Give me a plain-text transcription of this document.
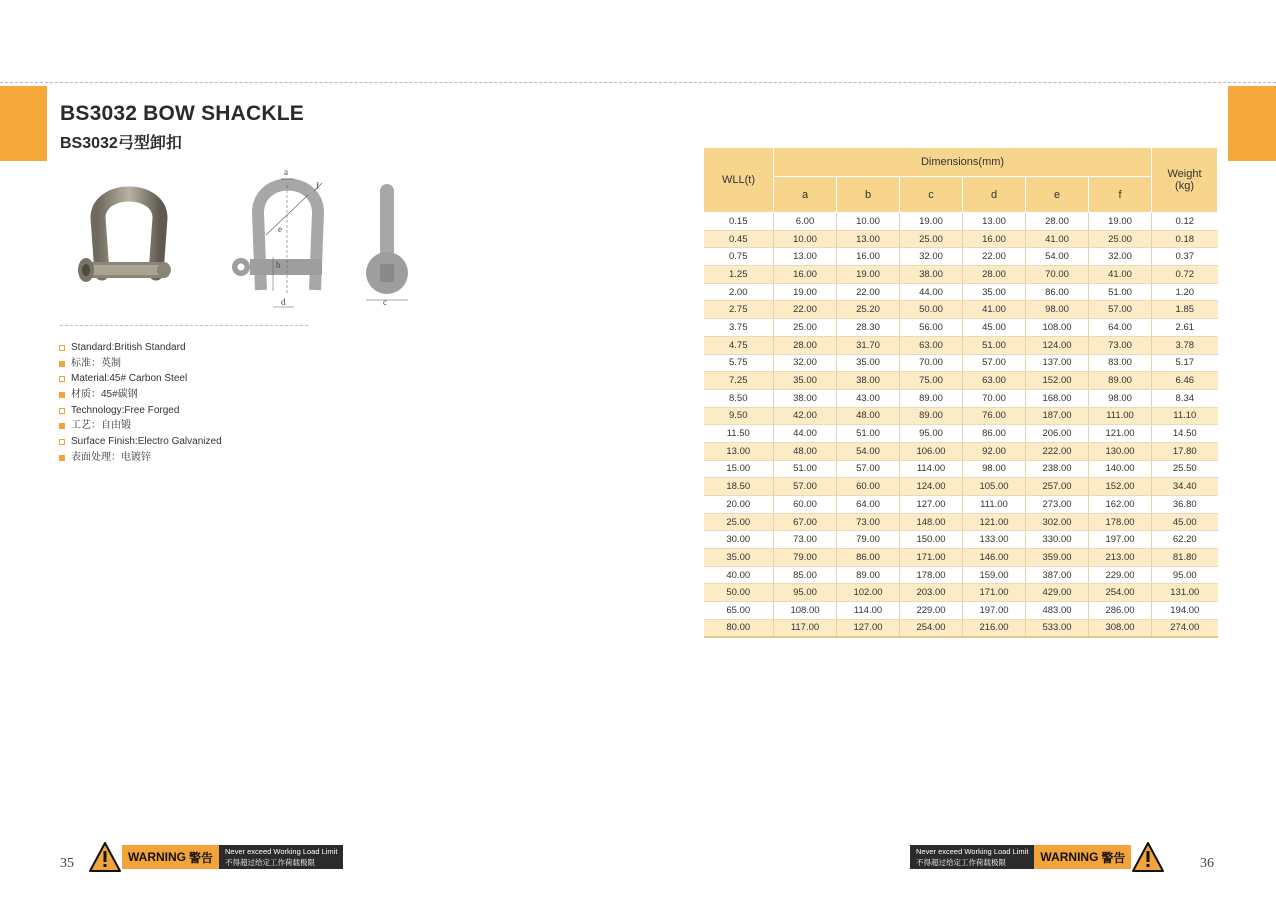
BS3032 BOW SHACKLE
BS3032弓型卸扣
a
f
e
b
d	c
Standard:British Standard
标准：英制
Material:45# Carbon Steel
材质：45#碳钢
Technology:Free Forged
工艺：自由锻
Surface Finish:Electro Galvanized
表面处理：电镀锌
WLL(t)	Dimensions(mm)						Weight
(kg)

	a	b	c	d	e	f	
0.15	6.00	10.00	19.00	13.00	28.00	19.00	0.12
0.45	10.00	13.00	25.00	16.00	41.00	25.00	0.18
0.75	13.00	16.00	32.00	22.00	54.00	32.00	0.37
1.25	16.00	19.00	38.00	28.00	70.00	41.00	0.72
2.00	19.00	22.00	44.00	35.00	86.00	51.00	1.20
2.75	22.00	25.20	50.00	41.00	98.00	57.00	1.85
3.75	25.00	28.30	56.00	45.00	108.00	64.00	2.61
4.75	28.00	31.70	63.00	51.00	124.00	73.00	3.78
5.75	32.00	35.00	70.00	57.00	137.00	83.00	5.17
7.25	35.00	38.00	75.00	63.00	152.00	89.00	6.46
8.50	38.00	43.00	89.00	70.00	168.00	98.00	8.34
9.50	42.00	48.00	89.00	76.00	187.00	111.00	11.10
11.50	44.00	51.00	95.00	86.00	206.00	121.00	14.50
13.00	48.00	54.00	106.00	92.00	222.00	130.00	17.80
15.00	51.00	57.00	114.00	98.00	238.00	140.00	25.50
18.50	57.00	60.00	124.00	105.00	257.00	152.00	34.40
20.00	60.00	64.00	127.00	111.00	273.00	162.00	36.80
25.00	67.00	73.00	148.00	121.00	302.00	178.00	45.00
30.00	73.00	79.00	150.00	133.00	330.00	197.00	62.20
35.00	79.00	86.00	171.00	146.00	359.00	213.00	81.80
40.00	85.00	89.00	178.00	159.00	387.00	229.00	95.00
50.00	95.00	102.00	203.00	171.00	429.00	254.00	131.00
65.00	108.00	114.00	229.00	197.00	483.00	286.00	194.00
80.00	117.00	127.00	254.00	216.00	533.00	308.00	274.00
WARNING 警告 Never exceed Working Load Limit
不得超过给定工作荷载极限
Never exceed Working Load Limit
不得超过给定工作荷载极限	WARNING 警告
35	36
